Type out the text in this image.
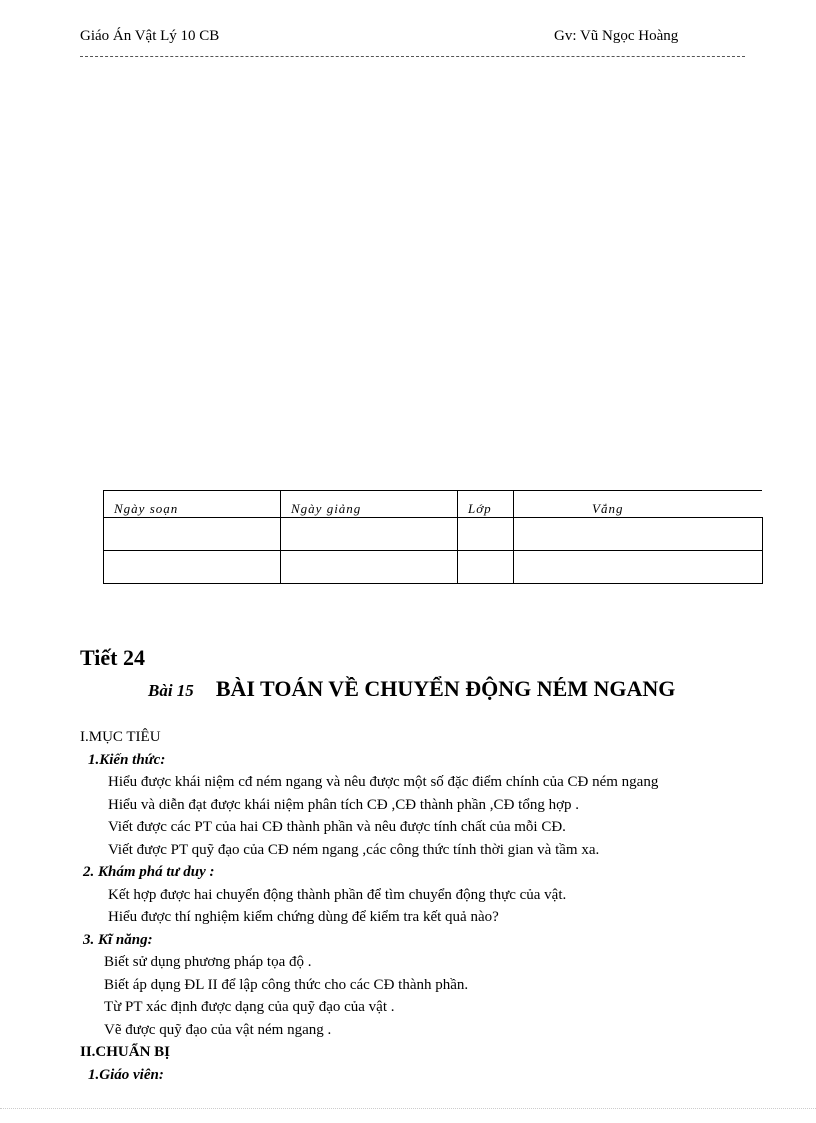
Giáo Án Vật Lý 10 CB	Gv: Vũ Ngọc Hoàng
Ngày soạn	Ngày giảng	Lớp	Vắng

Tiết 24
Bài 15 BÀI TOÁN VỀ CHUYỂN ĐỘNG NÉM NGANG
I.MỤC TIÊU
1.Kiến thức:
Hiểu được khái niệm cđ ném ngang và nêu được một số đặc điểm chính của CĐ ném ngang
Hiểu và diễn đạt được khái niệm phân tích CĐ ,CĐ thành phần ,CĐ tổng hợp .
Viết được các PT của hai CĐ thành phần và nêu được tính chất của mỗi CĐ.
Viết được PT quỹ đạo của CĐ ném ngang ,các công thức tính thời gian và tầm xa.
2. Khám phá tư duy :
Kết hợp được hai chuyển động thành phần để tìm chuyển động thực của vật.
Hiểu được thí nghiệm kiểm chứng dùng để kiểm tra kết quả nào?
3. Kĩ năng:
Biết sử dụng phương pháp tọa độ .
Biết áp dụng ĐL II để lập công thức cho các CĐ thành phần.
Từ PT xác định được dạng của quỹ đạo của vật .
Vẽ được quỹ đạo của vật ném ngang .
II.CHUẨN BỊ
1.Giáo viên:
